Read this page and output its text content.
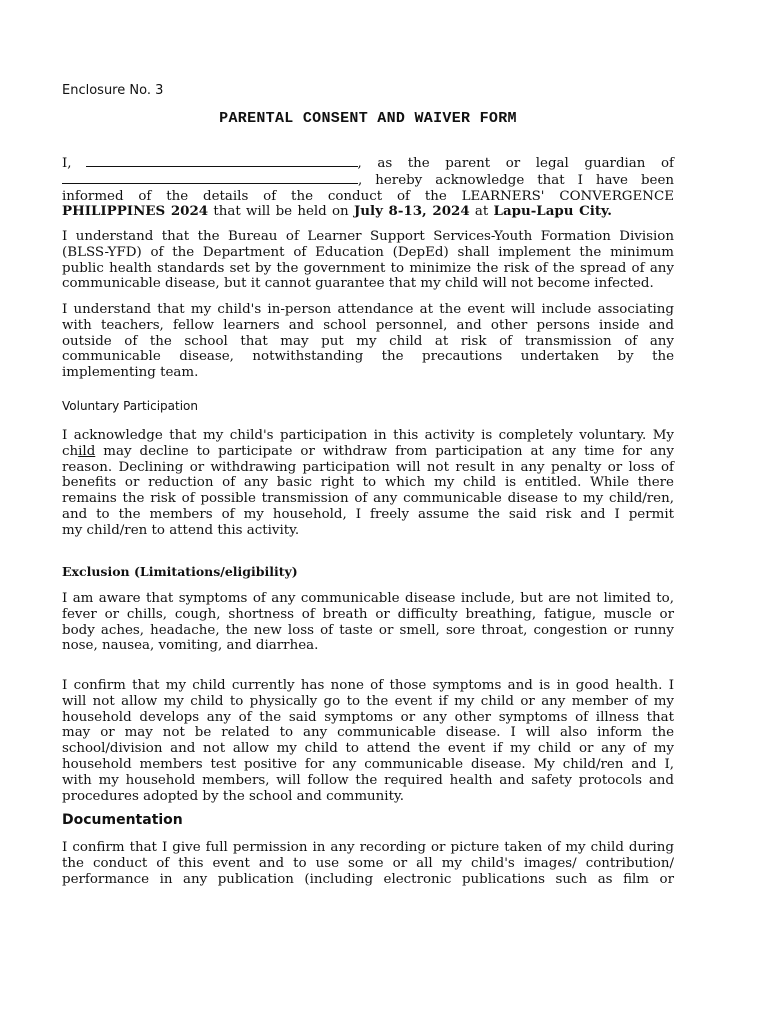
Enclosure No. 3
PARENTAL CONSENT AND WAIVER FORM
I,	, as the parent or legal guardian of
, hereby acknowledge that I have been
informed of the details of the conduct of the LEARNERS' CONVERGENCE
PHILIPPINES 2024 that will be held on July 8-13, 2024 at Lapu-Lapu City.
I understand that the Bureau of Learner Support Services-Youth Formation Division
(BLSS-YFD) of the Department of Education (DepEd) shall implement the minimum
public health standards set by the government to minimize the risk of the spread of any
communicable disease, but it cannot guarantee that my child will not become infected.
I understand that my child's in-person attendance at the event will include associating
with teachers, fellow learners and school personnel, and other persons inside and
outside of the school that may put my child at risk of transmission of any
communicable disease, notwithstanding the precautions undertaken by the
implementing team.
Voluntary Participation
I acknowledge that my child's participation in this activity is completely voluntary. My
child may decline to participate or withdraw from participation at any time for any
reason. Declining or withdrawing participation will not result in any penalty or loss of
benefits or reduction of any basic right to which my child is entitled. While there
remains the risk of possible transmission of any communicable disease to my child/ren,
and to the members of my household, I freely assume the said risk and I permit
my child/ren to attend this activity.
Exclusion (Limitations/eligibility)
I am aware that symptoms of any communicable disease include, but are not limited to,
fever or chills, cough, shortness of breath or difficulty breathing, fatigue, muscle or
body aches, headache, the new loss of taste or smell, sore throat, congestion or runny
nose, nausea, vomiting, and diarrhea.
I confirm that my child currently has none of those symptoms and is in good health. I
will not allow my child to physically go to the event if my child or any member of my
household develops any of the said symptoms or any other symptoms of illness that
may or may not be related to any communicable disease. I will also inform the
school/division and not allow my child to attend the event if my child or any of my
household members test positive for any communicable disease. My child/ren and I,
with my household members, will follow the required health and safety protocols and
procedures adopted by the school and community.
Documentation
I confirm that I give full permission in any recording or picture taken of my child during
the conduct of this event and to use some or all my child's images/ contribution/
performance in any publication (including electronic publications such as film or
